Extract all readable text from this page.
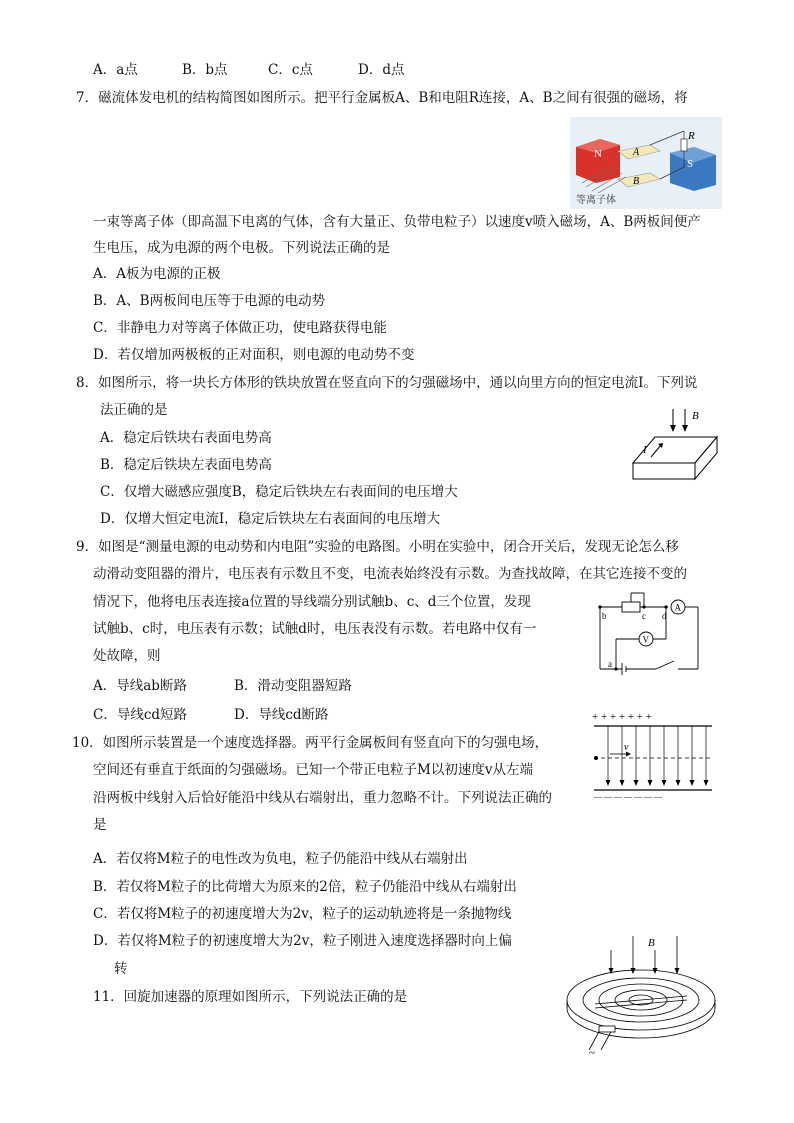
A．a点	B．b点	C．c点	D．d点
7．磁流体发电机的结构简图如图所示。把平行金属板A、B和电阻R连接，A、B之间有很强的磁场，将
N	A
B
S
R
等离子体
一束等离子体（即高温下电离的气体，含有大量正、负带电粒子）以速度v喷入磁场，A、B两板间便产
生电压，成为电源的两个电极。下列说法正确的是
A．A板为电源的正极
B．A、B两板间电压等于电源的电动势
C．非静电力对等离子体做正功，使电路获得电能
D．若仅增加两极板的正对面积，则电源的电动势不变
8．如图所示，将一块长方体形的铁块放置在竖直向下的匀强磁场中，通以向里方向的恒定电流I。下列说
法正确的是	B
I
A．稳定后铁块右表面电势高
B．稳定后铁块左表面电势高
C．仅增大磁感应强度B，稳定后铁块左右表面间的电压增大
D．仅增大恒定电流I，稳定后铁块左右表面间的电压增大
9．如图是“测量电源的电动势和内电阻”实验的电路图。小明在实验中，闭合开关后，发现无论怎么移
动滑动变阻器的滑片，电压表有示数且不变，电流表始终没有示数。为查找故障，在其它连接不变的
情况下，他将电压表连接a位置的导线端分别试触b、c、d三个位置，发现
试触b、c时，电压表有示数；试触d时，电压表没有示数。若电路中仅有一
处故障，则
b	c d
a
A
V
A．导线ab断路	B．滑动变阻器短路
C．导线cd短路	D．导线cd断路
10．如图所示装置是一个速度选择器。两平行金属板间有竖直向下的匀强电场，
空间还有垂直于纸面的匀强磁场。已知一个带正电粒子M以初速度v从左端
沿两板中线射入后恰好能沿中线从右端射出，重力忽略不计。下列说法正确的
是
+ + + + + + +
v
— — — — — — —
A．若仅将M粒子的电性改为负电，粒子仍能沿中线从右端射出
B．若仅将M粒子的比荷增大为原来的2倍，粒子仍能沿中线从右端射出
C．若仅将M粒子的初速度增大为2v，粒子的运动轨迹将是一条抛物线
D．若仅将M粒子的初速度增大为2v，粒子刚进入速度选择器时向上偏
转
11．回旋加速器的原理如图所示，下列说法正确的是
B
~
